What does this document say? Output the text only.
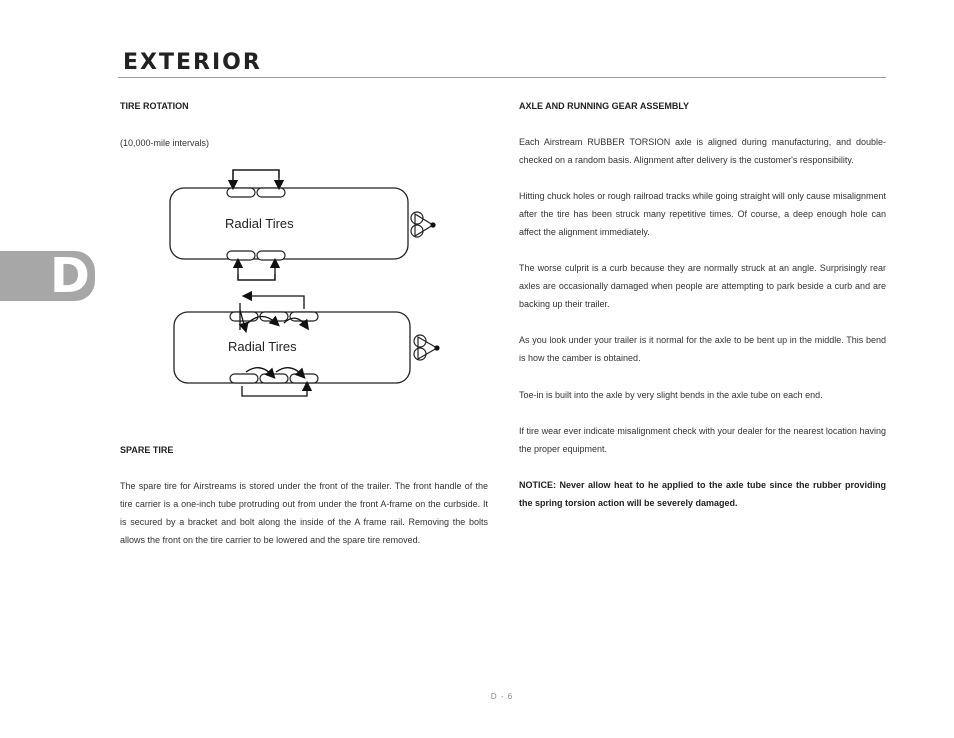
EXTERIOR
D
TIRE ROTATION
(10,000-mile intervals)
Radial Tires
Radial Tires
SPARE TIRE
The spare tire for Airstreams is stored under the front of the trailer. The front handle of the tire carrier is a one-inch tube protruding out from under the front A-frame on the curbside. It is secured by a bracket and bolt along the inside of the A frame rail. Removing the bolts allows the front on the tire carrier to be lowered and the spare tire removed.
AXLE AND RUNNING GEAR ASSEMBLY
Each Airstream RUBBER TORSION axle is aligned during manufacturing, and double-checked on a random basis. Alignment after delivery is the customer's responsibility.
Hitting chuck holes or rough railroad tracks while going straight will only cause misalignment after the tire has been struck many repetitive times. Of course, a deep enough hole can affect the alignment immediately.
The worse culprit is a curb because they are normally struck at an angle. Surprisingly rear axles are occasionally damaged when people are attempting to park beside a curb and are backing up their trailer.
As you look under your trailer is it normal for the axle to be bent up in the middle. This bend is how the camber is obtained.
Toe-in is built into the axle by very slight bends in the axle tube on each end.
If tire wear ever indicate misalignment check with your dealer for the nearest location having the proper equipment.
NOTICE: Never allow heat to he applied to the axle tube since the rubber providing the spring torsion action will be severely damaged.
D - 6
